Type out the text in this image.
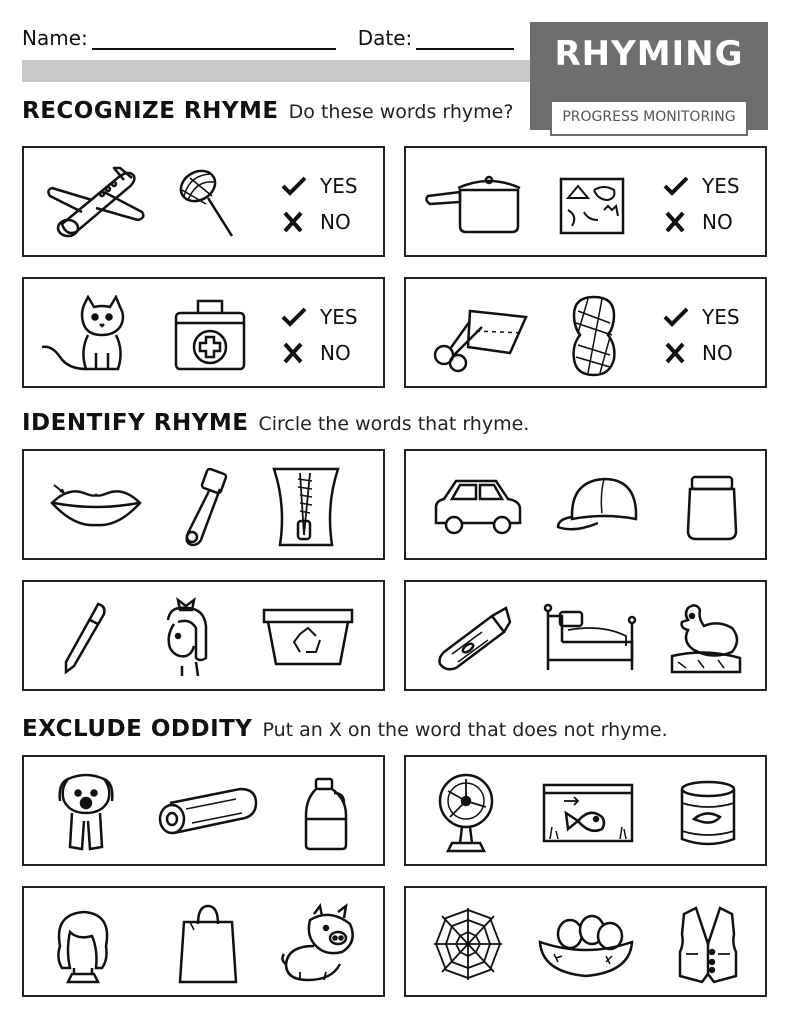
Name:	Date:	RHYMING
PROGRESS MONITORING
RECOGNIZE RHYME Do these words rhyme?
IDENTIFY RHYME Circle the words that rhyme.
EXCLUDE ODDITY Put an X on the word that does not rhyme.
YES
NO
YES
NO
YES
NO
YES
NO
